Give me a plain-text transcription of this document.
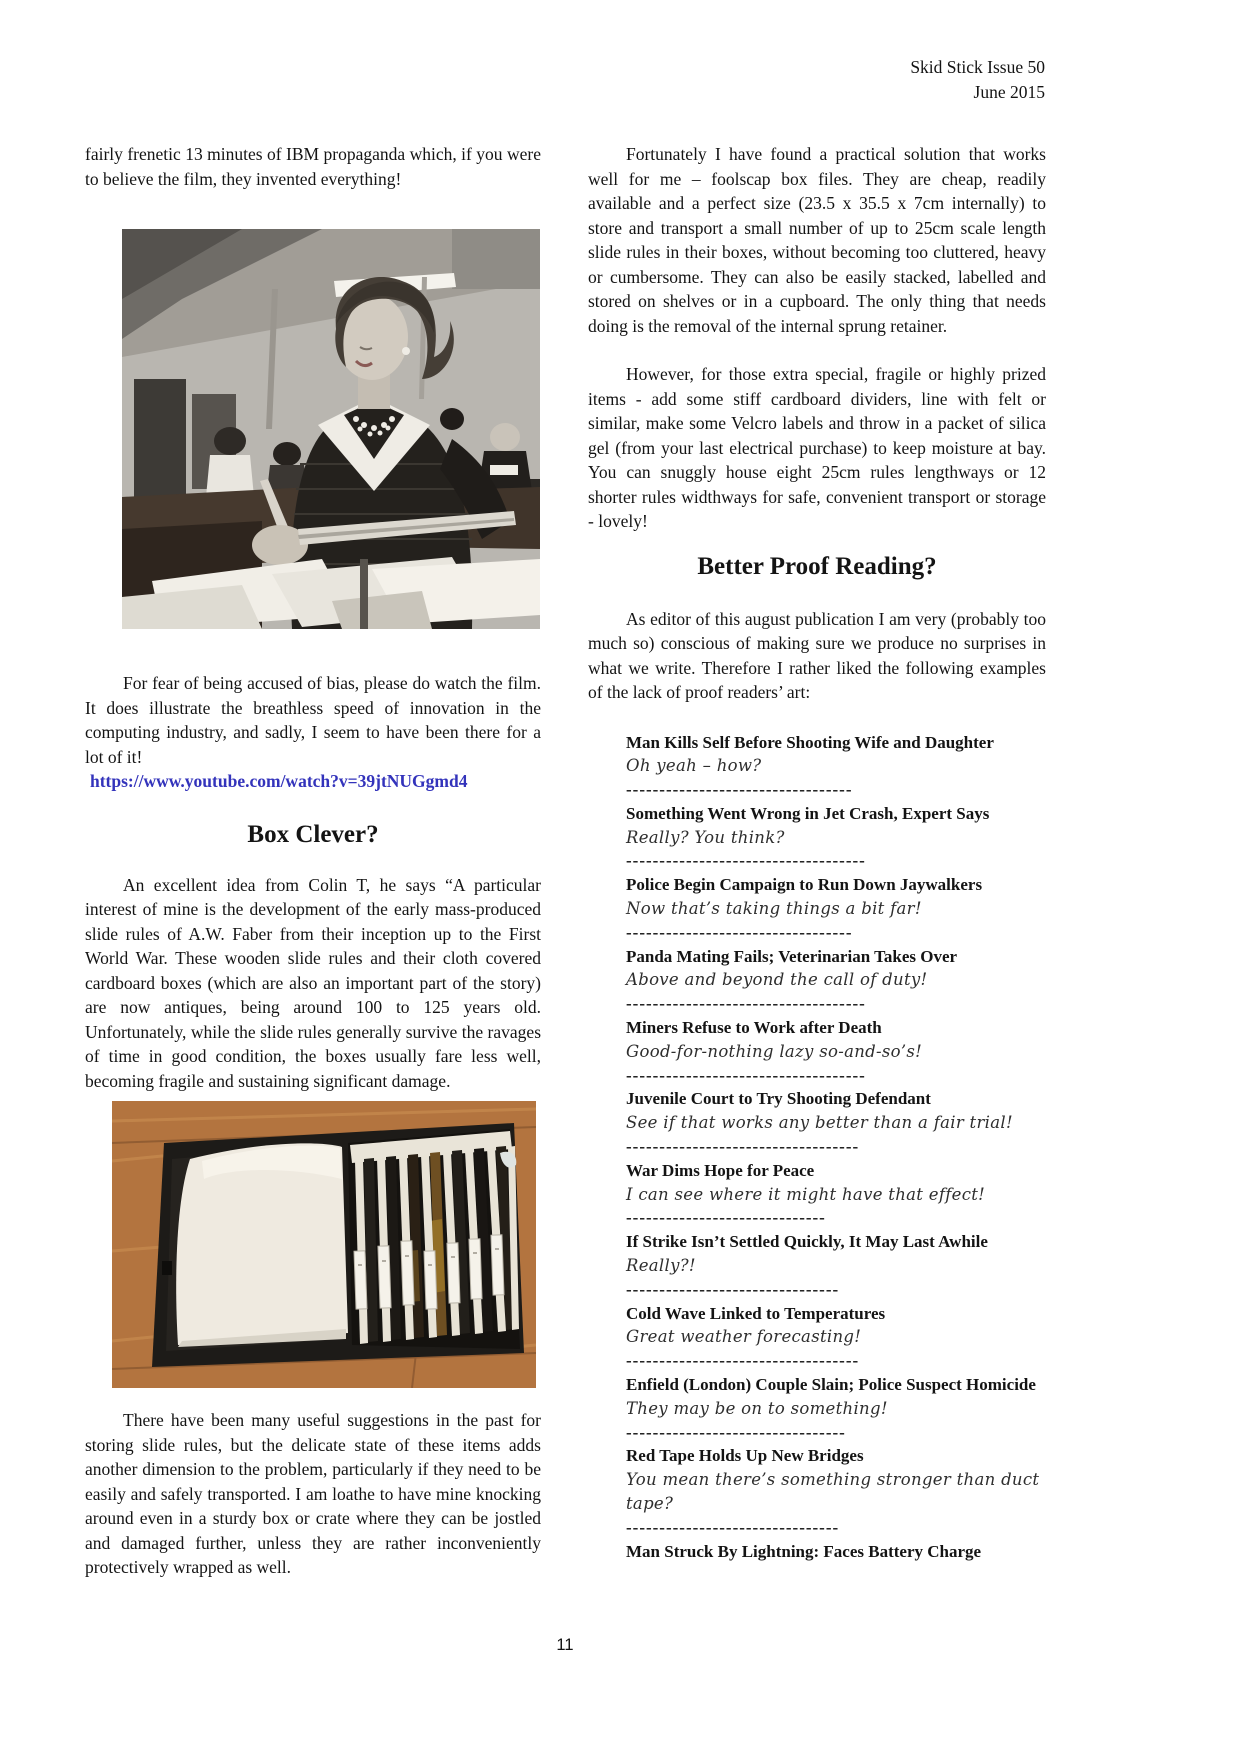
Skid Stick Issue 50
June 2015

fairly frenetic 13 minutes of IBM propaganda which, if you were to believe the film, they invented everything!

For fear of being accused of bias, please do watch the film. It does illustrate the breathless speed of innovation in the computing industry, and sadly, I seem to have been there for a lot of it!

https://www.youtube.com/watch?v=39jtNUGgmd4
Box Clever?

An excellent idea from Colin T, he says “A particular interest of mine is the development of the early mass-produced slide rules of A.W. Faber from their inception up to the First World War. These wooden slide rules and their cloth covered cardboard boxes (which are also an important part of the story) are now antiques, being around 100 to 125 years old. Unfortunately, while the slide rules generally survive the ravages of time in good condition, the boxes usually fare less well, becoming fragile and sustaining significant damage.

There have been many useful suggestions in the past for storing slide rules, but the delicate state of these items adds another dimension to the problem, particularly if they need to be easily and safely transported. I am loathe to have mine knocking around even in a sturdy box or crate where they can be jostled and damaged further, unless they are rather inconveniently protectively wrapped as well.

Fortunately I have found a practical solution that works well for me – foolscap box files. They are cheap, readily available and a perfect size (23.5 x 35.5 x 7cm internally) to store and transport a small number of up to 25cm scale length slide rules in their boxes, without becoming too cluttered, heavy or cumbersome. They can also be easily stacked, labelled and stored on shelves or in a cupboard. The only thing that needs doing is the removal of the internal sprung retainer.

However, for those extra special, fragile or highly prized items - add some stiff cardboard dividers, line with felt or similar, make some Velcro labels and throw in a packet of silica gel (from your last electrical purchase) to keep moisture at bay. You can snuggly house eight 25cm rules lengthways or 12 shorter rules widthways for safe, convenient transport or storage - lovely!

Better Proof Reading?

As editor of this august publication I am very (probably too much so) conscious of making sure we produce no surprises in what we write. Therefore I rather liked the following examples of the lack of proof readers’ art:

Man Kills Self Before Shooting Wife and Daughter
Oh yeah – how?
----------------------------------
Something Went Wrong in Jet Crash, Expert Says
Really? You think?
------------------------------------
Police Begin Campaign to Run Down Jaywalkers
Now that’s taking things a bit far!
----------------------------------
Panda Mating Fails; Veterinarian Takes Over
Above and beyond the call of duty!
------------------------------------
Miners Refuse to Work after Death
Good-for-nothing lazy so-and-so’s!
------------------------------------
Juvenile Court to Try Shooting Defendant
See if that works any better than a fair trial!
-----------------------------------
War Dims Hope for Peace
I can see where it might have that effect!
------------------------------
If Strike Isn’t Settled Quickly, It May Last Awhile
Really?!
--------------------------------
Cold Wave Linked to Temperatures
Great weather forecasting!
-----------------------------------
Enfield (London) Couple Slain; Police Suspect Homicide
They may be on to something!
---------------------------------
Red Tape Holds Up New Bridges
You mean there’s something stronger than duct tape?
--------------------------------
Man Struck By Lightning: Faces Battery Charge
11
